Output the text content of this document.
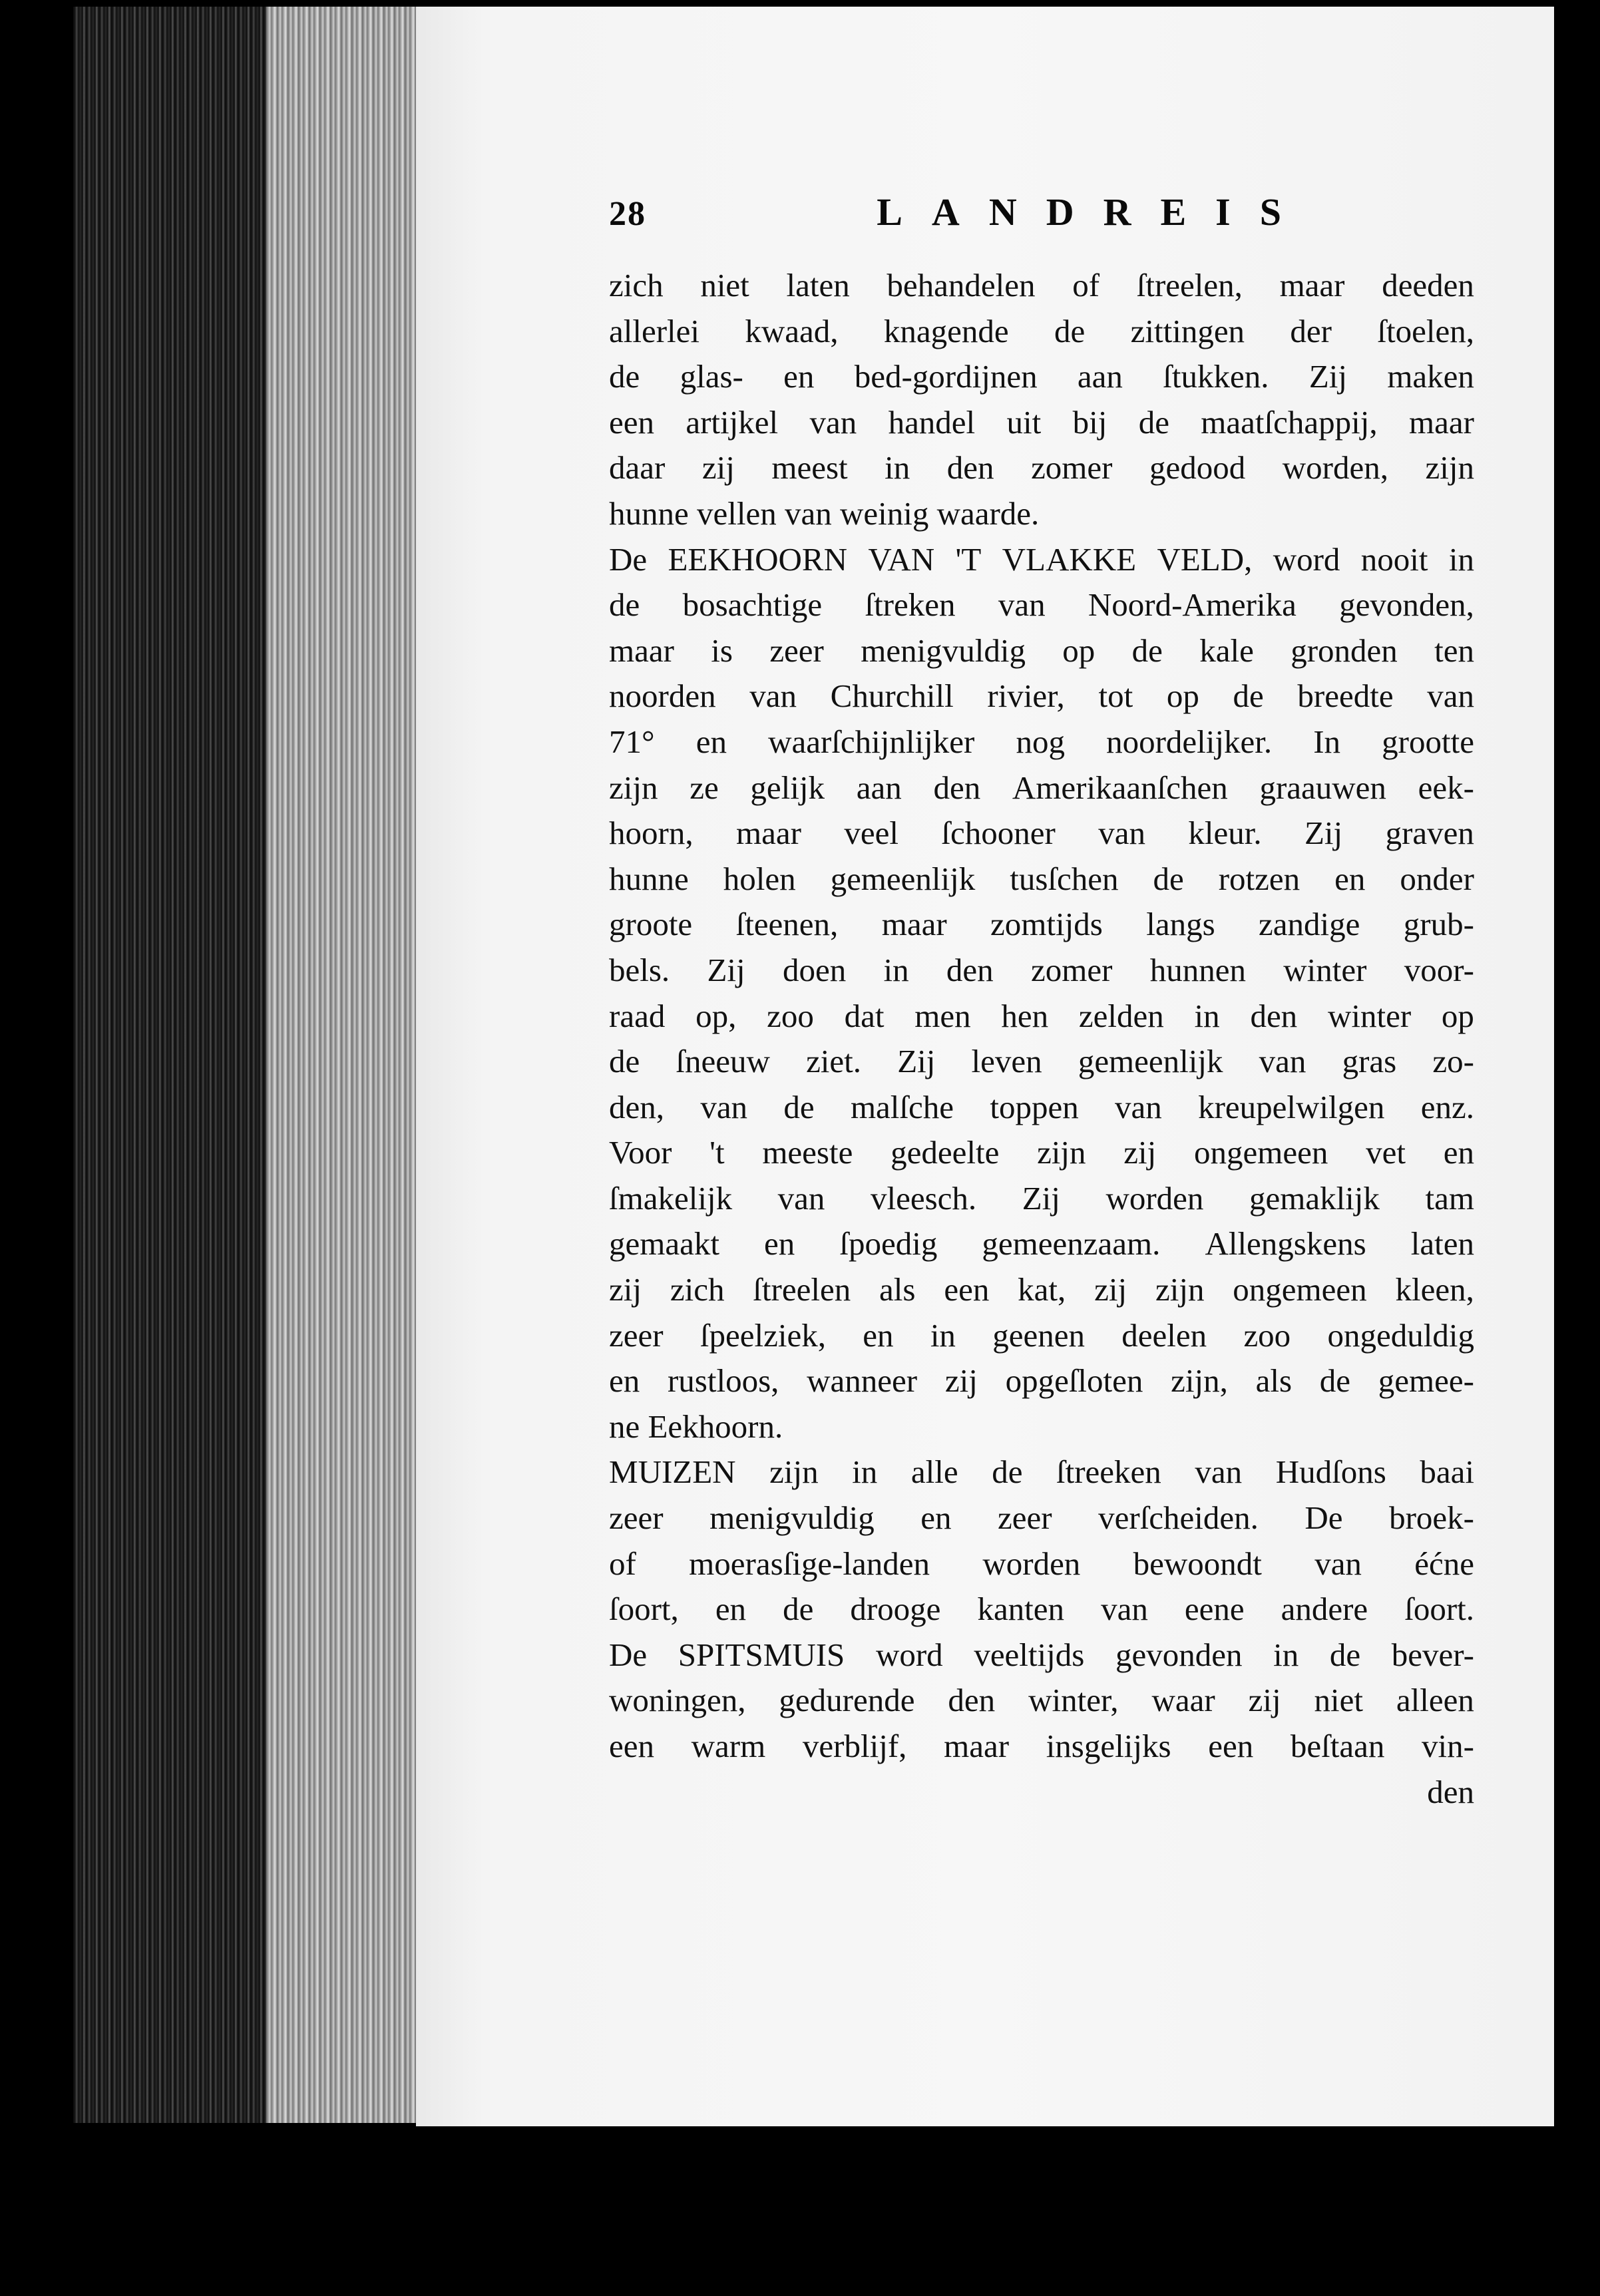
28	LANDREIS
zich niet laten behandelen of ſtreelen, maar deeden
allerlei kwaad, knagende de zittingen der ſtoelen,
de glas- en bed-gordijnen aan ſtukken. Zij maken
een artijkel van handel uit bij de maatſchappij, maar
daar zij meest in den zomer gedood worden, zijn
hunne vellen van weinig waarde.
De EEKHOORN VAN 'T VLAKKE VELD, word nooit in
de bosachtige ſtreken van Noord-Amerika gevonden,
maar is zeer menigvuldig op de kale gronden ten
noorden van Churchill rivier, tot op de breedte van
71° en waarſchijnlijker nog noordelijker. In grootte
zijn ze gelijk aan den Amerikaanſchen graauwen eek-
hoorn, maar veel ſchooner van kleur. Zij graven
hunne holen gemeenlijk tusſchen de rotzen en onder
groote ſteenen, maar zomtijds langs zandige grub-
bels. Zij doen in den zomer hunnen winter voor-
raad op, zoo dat men hen zelden in den winter op
de ſneeuw ziet. Zij leven gemeenlijk van gras zo-
den, van de malſche toppen van kreupelwilgen enz.
Voor 't meeste gedeelte zijn zij ongemeen vet en
ſmakelijk van vleesch. Zij worden gemaklijk tam
gemaakt en ſpoedig gemeenzaam. Allengskens laten
zij zich ſtreelen als een kat, zij zijn ongemeen kleen,
zeer ſpeelziek, en in geenen deelen zoo ongeduldig
en rustloos, wanneer zij opgeſloten zijn, als de gemee-
ne Eekhoorn.
MUIZEN zijn in alle de ſtreeken van Hudſons baai
zeer menigvuldig en zeer verſcheiden. De broek-
of moerasſige-landen worden bewoondt van éćne
ſoort, en de drooge kanten van eene andere ſoort.
De SPITSMUIS word veeltijds gevonden in de bever-
woningen, gedurende den winter, waar zij niet alleen
een warm verblijf, maar insgelijks een beſtaan vin-
den
